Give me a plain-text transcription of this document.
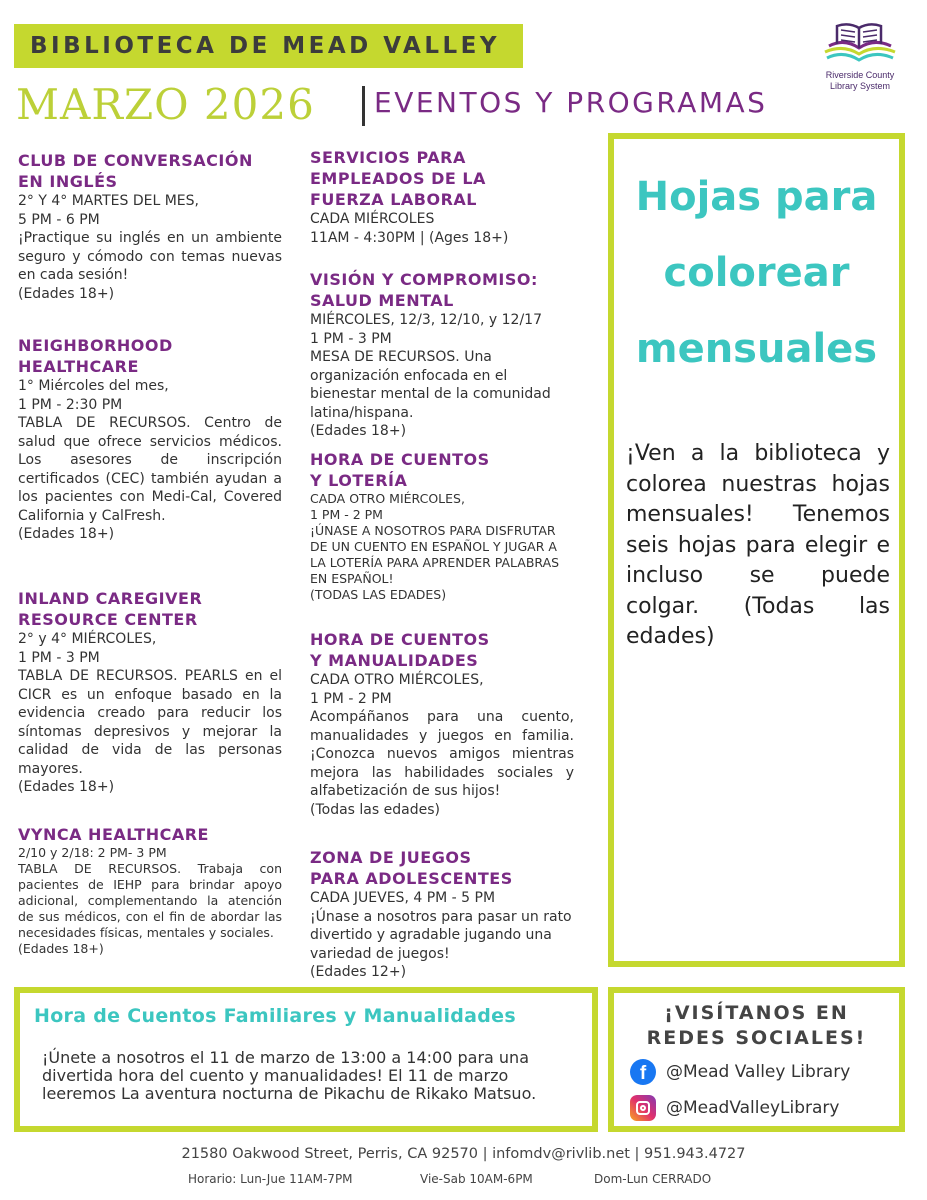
BIBLIOTECA DE MEAD VALLEY
MARZO 2026 EVENTOS Y PROGRAMAS
Riverside County
Library System
CLUB DE CONVERSACIÓN
EN INGLÉS

2° Y 4° MARTES DEL MES,

5 PM - 6 PM

¡Practique su inglés en un ambiente seguro y cómodo con temas nuevas en cada sesión!

(Edades 18+)

NEIGHBORHOOD
HEALTHCARE

1° Miércoles del mes,

1 PM - 2:30 PM

TABLA DE RECURSOS. Centro de salud que ofrece servicios médicos. Los asesores de inscripción certificados (CEC) también ayudan a los pacientes con Medi-Cal, Covered California y CalFresh.

(Edades 18+)

INLAND CAREGIVER
RESOURCE CENTER

2° y 4° MIÉRCOLES,

1 PM - 3 PM

TABLA DE RECURSOS. PEARLS en el CICR es un enfoque basado en la evidencia creado para reducir los síntomas depresivos y mejorar la calidad de vida de las personas mayores.

(Edades 18+)

VYNCA HEALTHCARE

2/10 y 2/18: 2 PM- 3 PM

TABLA DE RECURSOS. Trabaja con pacientes de IEHP para brindar apoyo adicional, complementando la atención de sus médicos, con el fin de abordar las necesidades físicas, mentales y sociales.

(Edades 18+)

SERVICIOS PARA
EMPLEADOS DE LA
FUERZA LABORAL

CADA MIÉRCOLES

11AM - 4:30PM | (Ages 18+)

VISIÓN Y COMPROMISO:
SALUD MENTAL

MIÉRCOLES, 12/3, 12/10, y 12/17

1 PM - 3 PM

MESA DE RECURSOS. Una organización enfocada en el bienestar mental de la comunidad latina/hispana.

(Edades 18+)

HORA DE CUENTOS
Y LOTERÍA

CADA OTRO MIÉRCOLES,

1 PM - 2 PM

¡ÚNASE A NOSOTROS PARA DISFRUTAR DE UN CUENTO EN ESPAÑOL Y JUGAR A LA LOTERÍA PARA APRENDER PALABRAS EN ESPAÑOL!

(TODAS LAS EDADES)

HORA DE CUENTOS
Y MANUALIDADES

CADA OTRO MIÉRCOLES,

1 PM - 2 PM

Acompáñanos para una cuento, manualidades y juegos en familia. ¡Conozca nuevos amigos mientras mejora las habilidades sociales y alfabetización de sus hijos!

(Todas las edades)

ZONA DE JUEGOS
PARA ADOLESCENTES

CADA JUEVES, 4 PM - 5 PM

¡Únase a nosotros para pasar un rato divertido y agradable jugando una variedad de juegos!

(Edades 12+)

Hojas para
colorear
mensuales
¡Ven a la biblioteca y colorea nuestras hojas mensuales! Tenemos seis hojas para elegir e incluso se puede colgar. (Todas las edades)
Hora de Cuentos Familiares y Manualidades
¡Únete a nosotros el 11 de marzo de 13:00 a 14:00 para una divertida hora del cuento y manualidades! El 11 de marzo leeremos La aventura nocturna de Pikachu de Rikako Matsuo.
¡VISÍTANOS EN
REDES SOCIALES!
f	@Mead Valley Library
@MeadValleyLibrary
21580 Oakwood Street, Perris, CA 92570 | infomdv@rivlib.net | 951.943.4727
Horario: Lun-Jue 11AM-7PM	Vie-Sab 10AM-6PM	Dom-Lun CERRADO
